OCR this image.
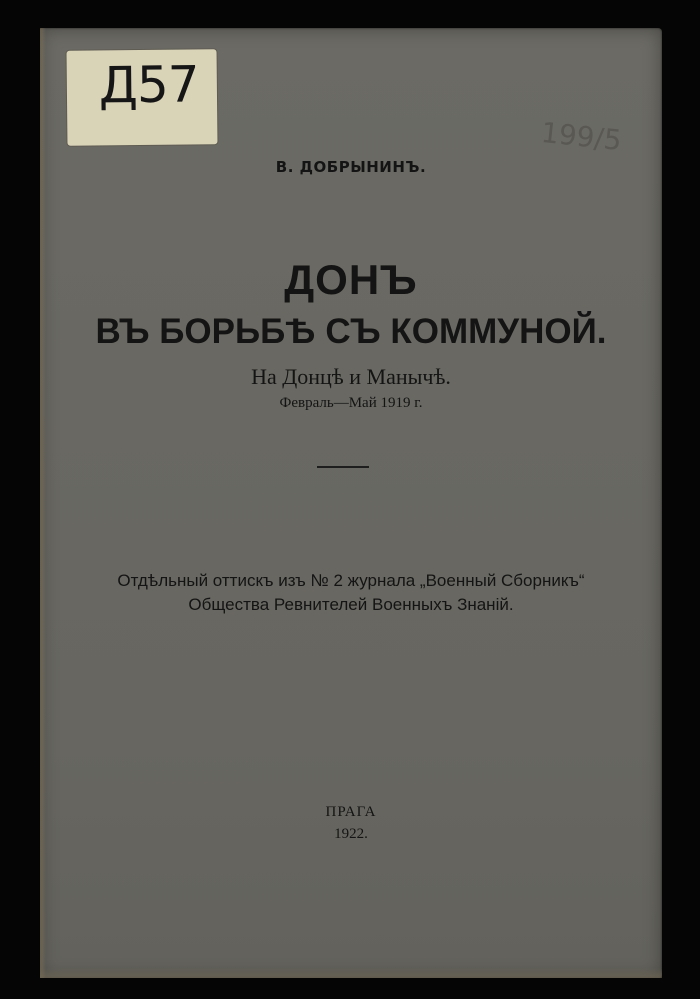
Д57
199/5
В. ДОБРЫНИНЪ.
ДОНЪ
ВЪ БОРЬБѢ СЪ КОММУНОЙ.
На Донцѣ и Манычѣ.
Февраль—Май 1919 г.
Отдѣльный оттискъ изъ № 2 журнала „Военный Сборникъ“
Общества Ревнителей Военныхъ Знаній.
ПРАГА
1922.
